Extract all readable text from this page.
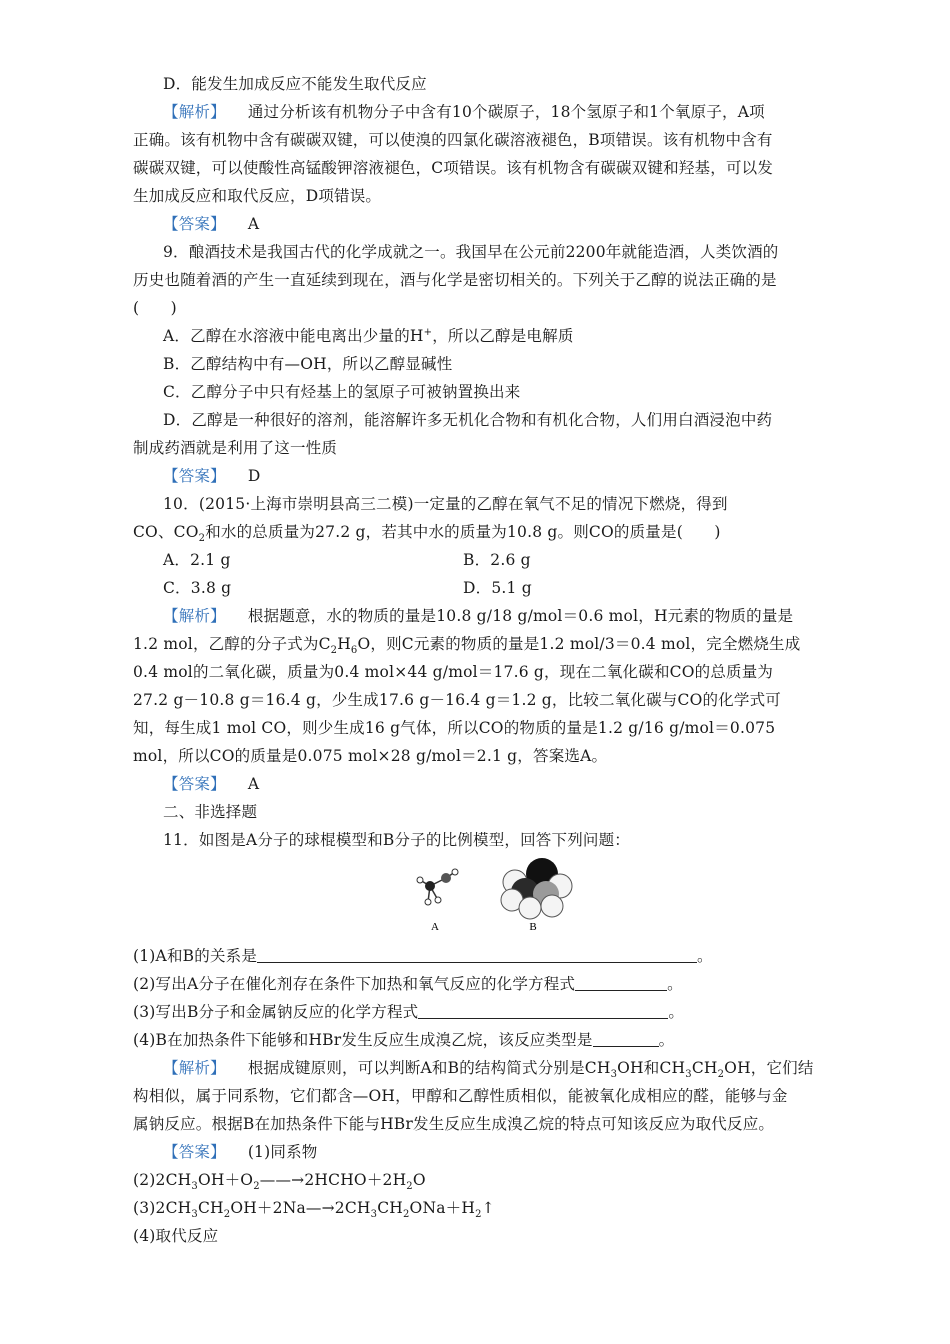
D．能发生加成反应不能发生取代反应
【解析】 通过分析该有机物分子中含有10个碳原子，18个氢原子和1个氧原子，A项
正确。该有机物中含有碳碳双键，可以使溴的四氯化碳溶液褪色，B项错误。该有机物中含有
碳碳双键，可以使酸性高锰酸钾溶液褪色，C项错误。该有机物含有碳碳双键和羟基，可以发
生加成反应和取代反应，D项错误。
【答案】 A
9．酿酒技术是我国古代的化学成就之一。我国早在公元前2200年就能造酒，人类饮酒的
历史也随着酒的产生一直延续到现在，酒与化学是密切相关的。下列关于乙醇的说法正确的是
(　　)
A．乙醇在水溶液中能电离出少量的H+，所以乙醇是电解质
B．乙醇结构中有—OH，所以乙醇显碱性
C．乙醇分子中只有烃基上的氢原子可被钠置换出来
D．乙醇是一种很好的溶剂，能溶解许多无机化合物和有机化合物，人们用白酒浸泡中药
制成药酒就是利用了这一性质
【答案】 D
10．(2015·上海市崇明县高三二模)一定量的乙醇在氧气不足的情况下燃烧，得到
CO、$CO_2$和水的总质量为27.2 g，若其中水的质量为10.8 g。则CO的质量是(　　)
A．2.1 g	B．2.6 g
C．3.8 g	D．5.1 g
【解析】 根据题意，水的物质的量是10.8 g/18 g/mol＝0.6 mol，H元素的物质的量是
1.2 mol，乙醇的分子式为$C_2H_6O$，则C元素的物质的量是1.2 mol/3＝0.4 mol，完全燃烧生成
0.4 mol的二氧化碳，质量为0.4 mol×44 g/mol＝17.6 g，现在二氧化碳和CO的总质量为
27.2 g－10.8 g＝16.4 g，少生成17.6 g－16.4 g＝1.2 g，比较二氧化碳与CO的化学式可
知，每生成1 mol CO，则少生成16 g气体，所以CO的物质的量是1.2 g/16 g/mol＝0.075
mol，所以CO的质量是0.075 mol×28 g/mol＝2.1 g，答案选A。
【答案】 A
二、非选择题
11．如图是A分子的球棍模型和B分子的比例模型，回答下列问题：
A	B
(1)A和B的关系是	。
(2)写出A分子在催化剂存在条件下加热和氧气反应的化学方程式	。
(3)写出B分子和金属钠反应的化学方程式	。
(4)B在加热条件下能够和HBr发生反应生成溴乙烷，该反应类型是	。
【解析】 根据成键原则，可以判断A和B的结构简式分别是$CH_3OH$和$CH_3CH_2OH$，它们结
构相似，属于同系物，它们都含—OH，甲醇和乙醇性质相似，能被氧化成相应的醛，能够与金
属钠反应。根据B在加热条件下能与HBr发生反应生成溴乙烷的特点可知该反应为取代反应。
【答案】 (1)同系物
$(2)2CH_3OH+O_2——\to 2HCHO+2H_2O$
$(3)2CH_3CH_2OH+2Na—\to 2CH_3CH_2ONa+H_2↑$
(4)取代反应
